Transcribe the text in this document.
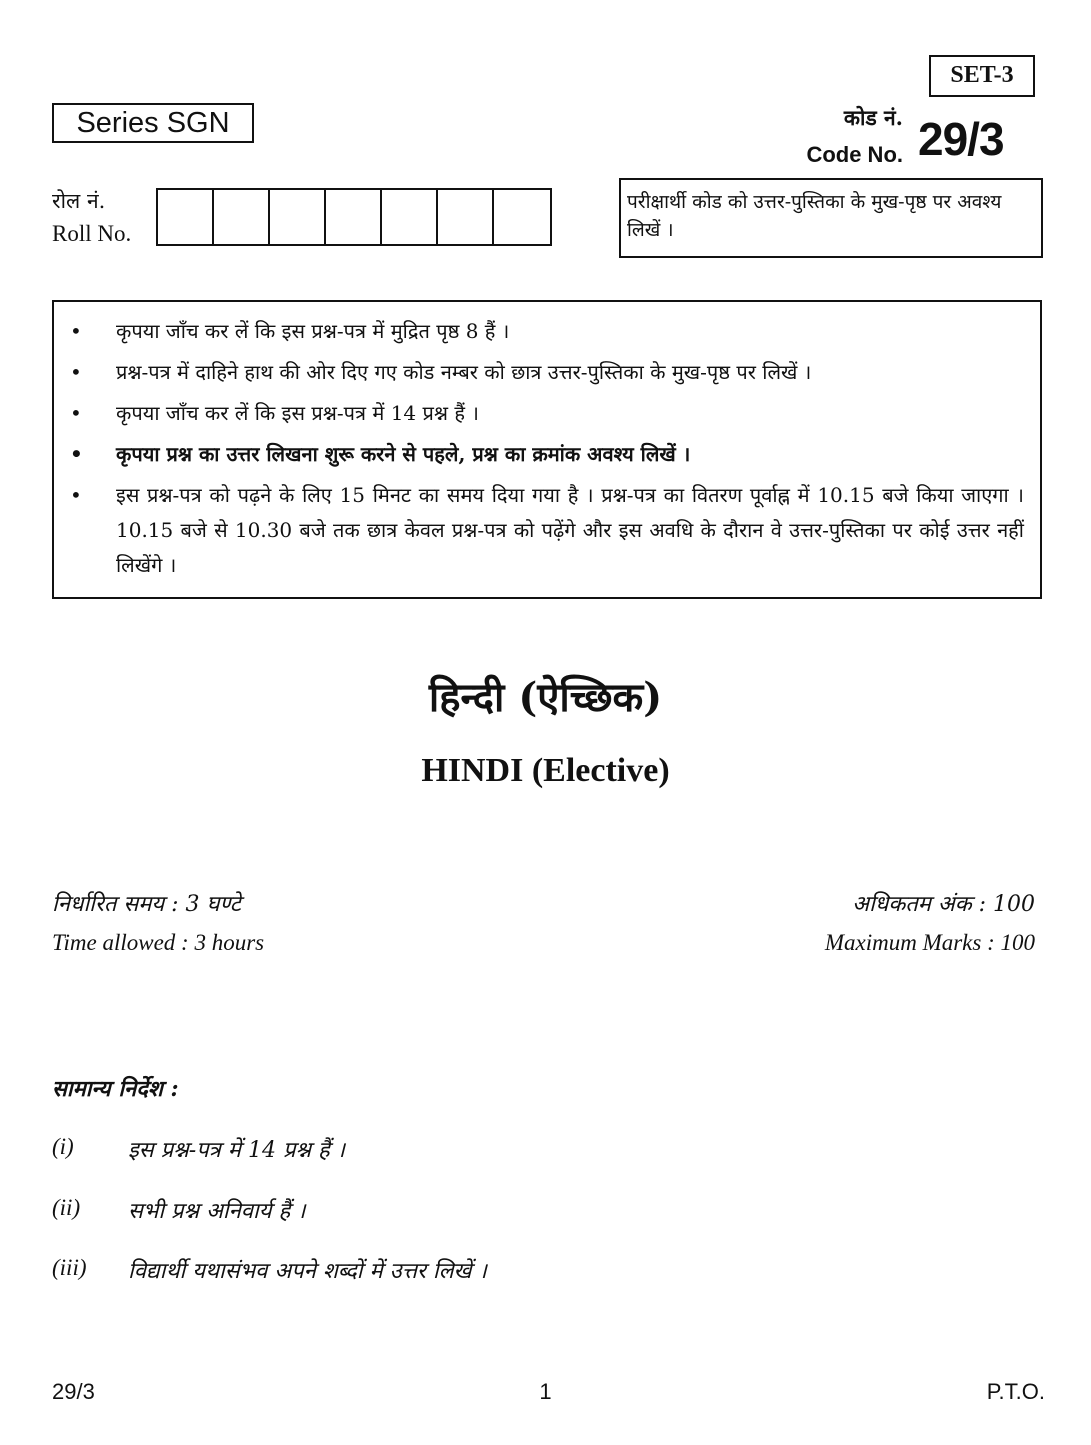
SET-3
Series SGN	कोड नं.
Code No. 29/3
रोल नं.
Roll No.
परीक्षार्थी कोड को उत्तर-पुस्तिका के मुख-पृष्ठ पर अवश्य लिखें ।
• कृपया जाँच कर लें कि इस प्रश्न-पत्र में मुद्रित पृष्ठ 8 हैं ।
• प्रश्न-पत्र में दाहिने हाथ की ओर दिए गए कोड नम्बर को छात्र उत्तर-पुस्तिका के मुख-पृष्ठ पर लिखें ।
• कृपया जाँच कर लें कि इस प्रश्न-पत्र में 14 प्रश्न हैं ।
• कृपया प्रश्न का उत्तर लिखना शुरू करने से पहले, प्रश्न का क्रमांक अवश्य लिखें ।
• इस प्रश्न-पत्र को पढ़ने के लिए 15 मिनट का समय दिया गया है । प्रश्न-पत्र का वितरण पूर्वाह्न में 10.15 बजे किया जाएगा । 10.15 बजे से 10.30 बजे तक छात्र केवल प्रश्न-पत्र को पढ़ेंगे और इस अवधि के दौरान वे उत्तर-पुस्तिका पर कोई उत्तर नहीं लिखेंगे ।
हिन्दी (ऐच्छिक)
HINDI (Elective)
निर्धारित समय : 3 घण्टे
Time allowed : 3 hours
अधिकतम अंक : 100
Maximum Marks : 100
सामान्य निर्देश :
(i)	इस प्रश्न-पत्र में 14 प्रश्न हैं ।
(ii)	सभी प्रश्न अनिवार्य हैं ।
(iii)	विद्यार्थी यथासंभव अपने शब्दों में उत्तर लिखें ।
1
29/3	P.T.O.
